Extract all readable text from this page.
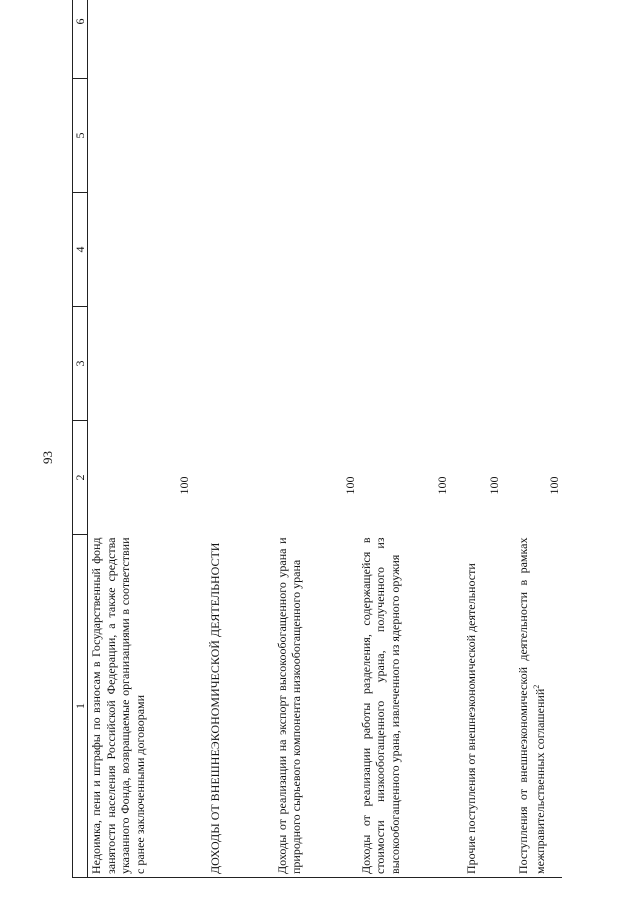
93
1	2	3	4	5	6
Недоимка, пени и штрафы по взносам в Государственный фонд занятости населения Российской Федерации, а также средства указанного Фонда, возвращаемые организациями в соответствии с ранее заключенными договорами	100				
ДОХОДЫ ОТ ВНЕШНЕЭКОНОМИЧЕСКОЙ ДЕЯТЕЛЬНОСТИ					
Доходы от реализации на экспорт высокообогащенного урана и природного сырьевого компонента низкообогащенного урана	100				
Доходы от реализации работы разделения, содержащейся в стоимости низкообогащенного урана, полученного из высокообогащенного урана, извлеченного из ядерного оружия	100				
Прочие поступления от внешнеэкономической деятельности	100				
Поступления от внешнеэкономической деятельности в рамках межправительственных соглашений$^2$	100				
